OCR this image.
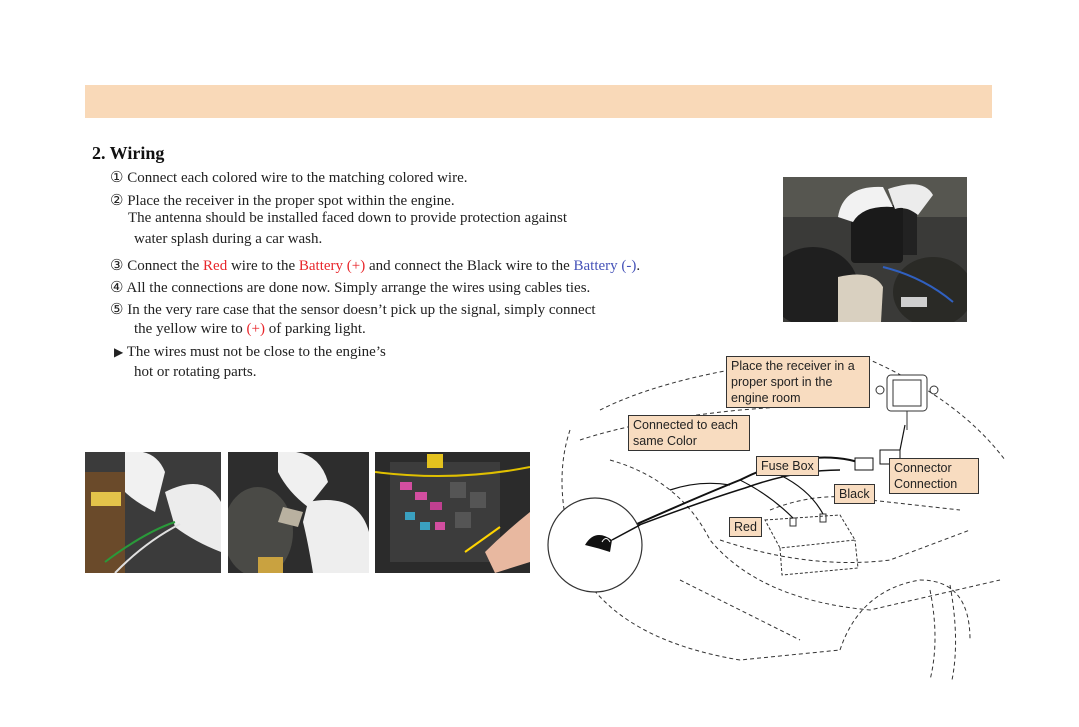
2. Wiring
① Connect each colored wire to the matching colored wire.
② Place the receiver in the proper spot within the engine.
The antenna should be installed faced down to provide protection against
water splash during a car wash.
③ Connect the Red wire to the Battery (+) and connect the Black wire to the Battery (-).
④ All the connections are done now. Simply arrange the wires using cables ties.
⑤ In the very rare case that the sensor doesn’t pick up the signal, simply connect
the yellow wire to (+) of parking light.
▶ The wires must not be close to the engine’s
hot or rotating parts.	Place the receiver in a proper sport in the engine room
Connected to each same Color
Fuse Box	Connector Connection
Black
Red
